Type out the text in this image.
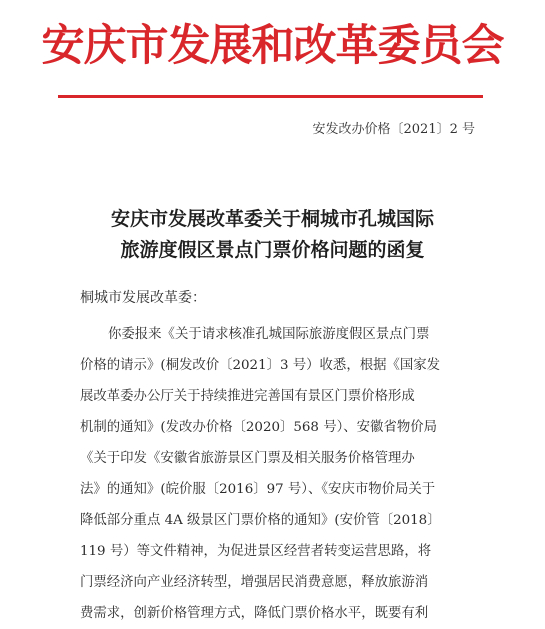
安庆市发展和改革委员会
安发改办价格〔2021〕2 号
安庆市发展改革委关于桐城市孔城国际
旅游度假区景点门票价格问题的函复
桐城市发展改革委：
你委报来《关于请求核准孔城国际旅游度假区景点门票
价格的请示》(桐发改价〔2021〕3 号）收悉，根据《国家发
展改革委办公厅关于持续推进完善国有景区门票价格形成
机制的通知》(发改办价格〔2020〕568 号）、安徽省物价局
《关于印发《安徽省旅游景区门票及相关服务价格管理办
法》的通知》(皖价服〔2016〕97 号）、《安庆市物价局关于
降低部分重点 4A 级景区门票价格的通知》(安价管〔2018〕
119 号）等文件精神，为促进景区经营者转变运营思路，将
门票经济向产业经济转型，增强居民消费意愿，释放旅游消
费需求，创新价格管理方式，降低门票价格水平，既要有利
